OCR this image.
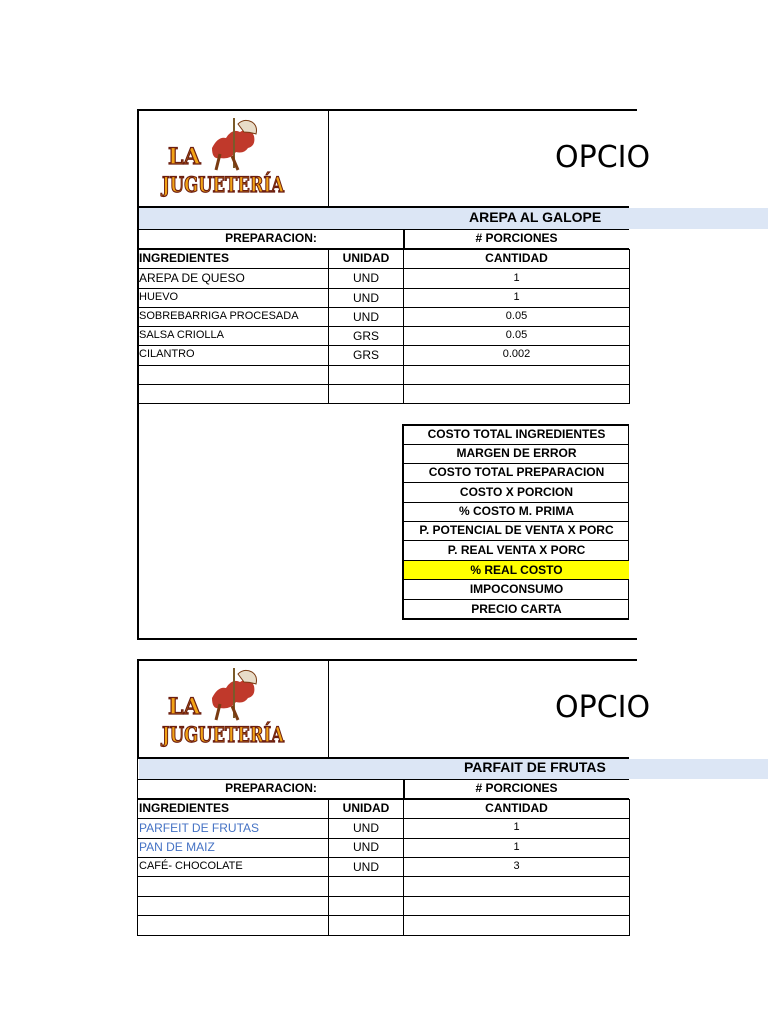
LA
JUGUETERÍA
OPCIO
AREPA AL GALOPE
PREPARACION:	# PORCIONES
INGREDIENTES	UNIDAD	CANTIDAD
AREPA DE QUESO	UND	1
HUEVO	UND	1
SOBREBARRIGA PROCESADA	UND	0.05
SALSA CRIOLLA	GRS	0.05
CILANTRO	GRS	0.002
COSTO TOTAL INGREDIENTES
MARGEN DE ERROR
COSTO TOTAL PREPARACION
COSTO X PORCION
% COSTO M. PRIMA
P. POTENCIAL DE VENTA X PORC
P. REAL VENTA X PORC
% REAL COSTO
IMPOCONSUMO
PRECIO CARTA
LA
JUGUETERÍA
OPCIO
PARFAIT DE FRUTAS
PREPARACION:	# PORCIONES
INGREDIENTES	UNIDAD	CANTIDAD
PARFEIT DE FRUTAS	UND	1
PAN DE MAIZ	UND	1
CAFÉ- CHOCOLATE	UND	3
